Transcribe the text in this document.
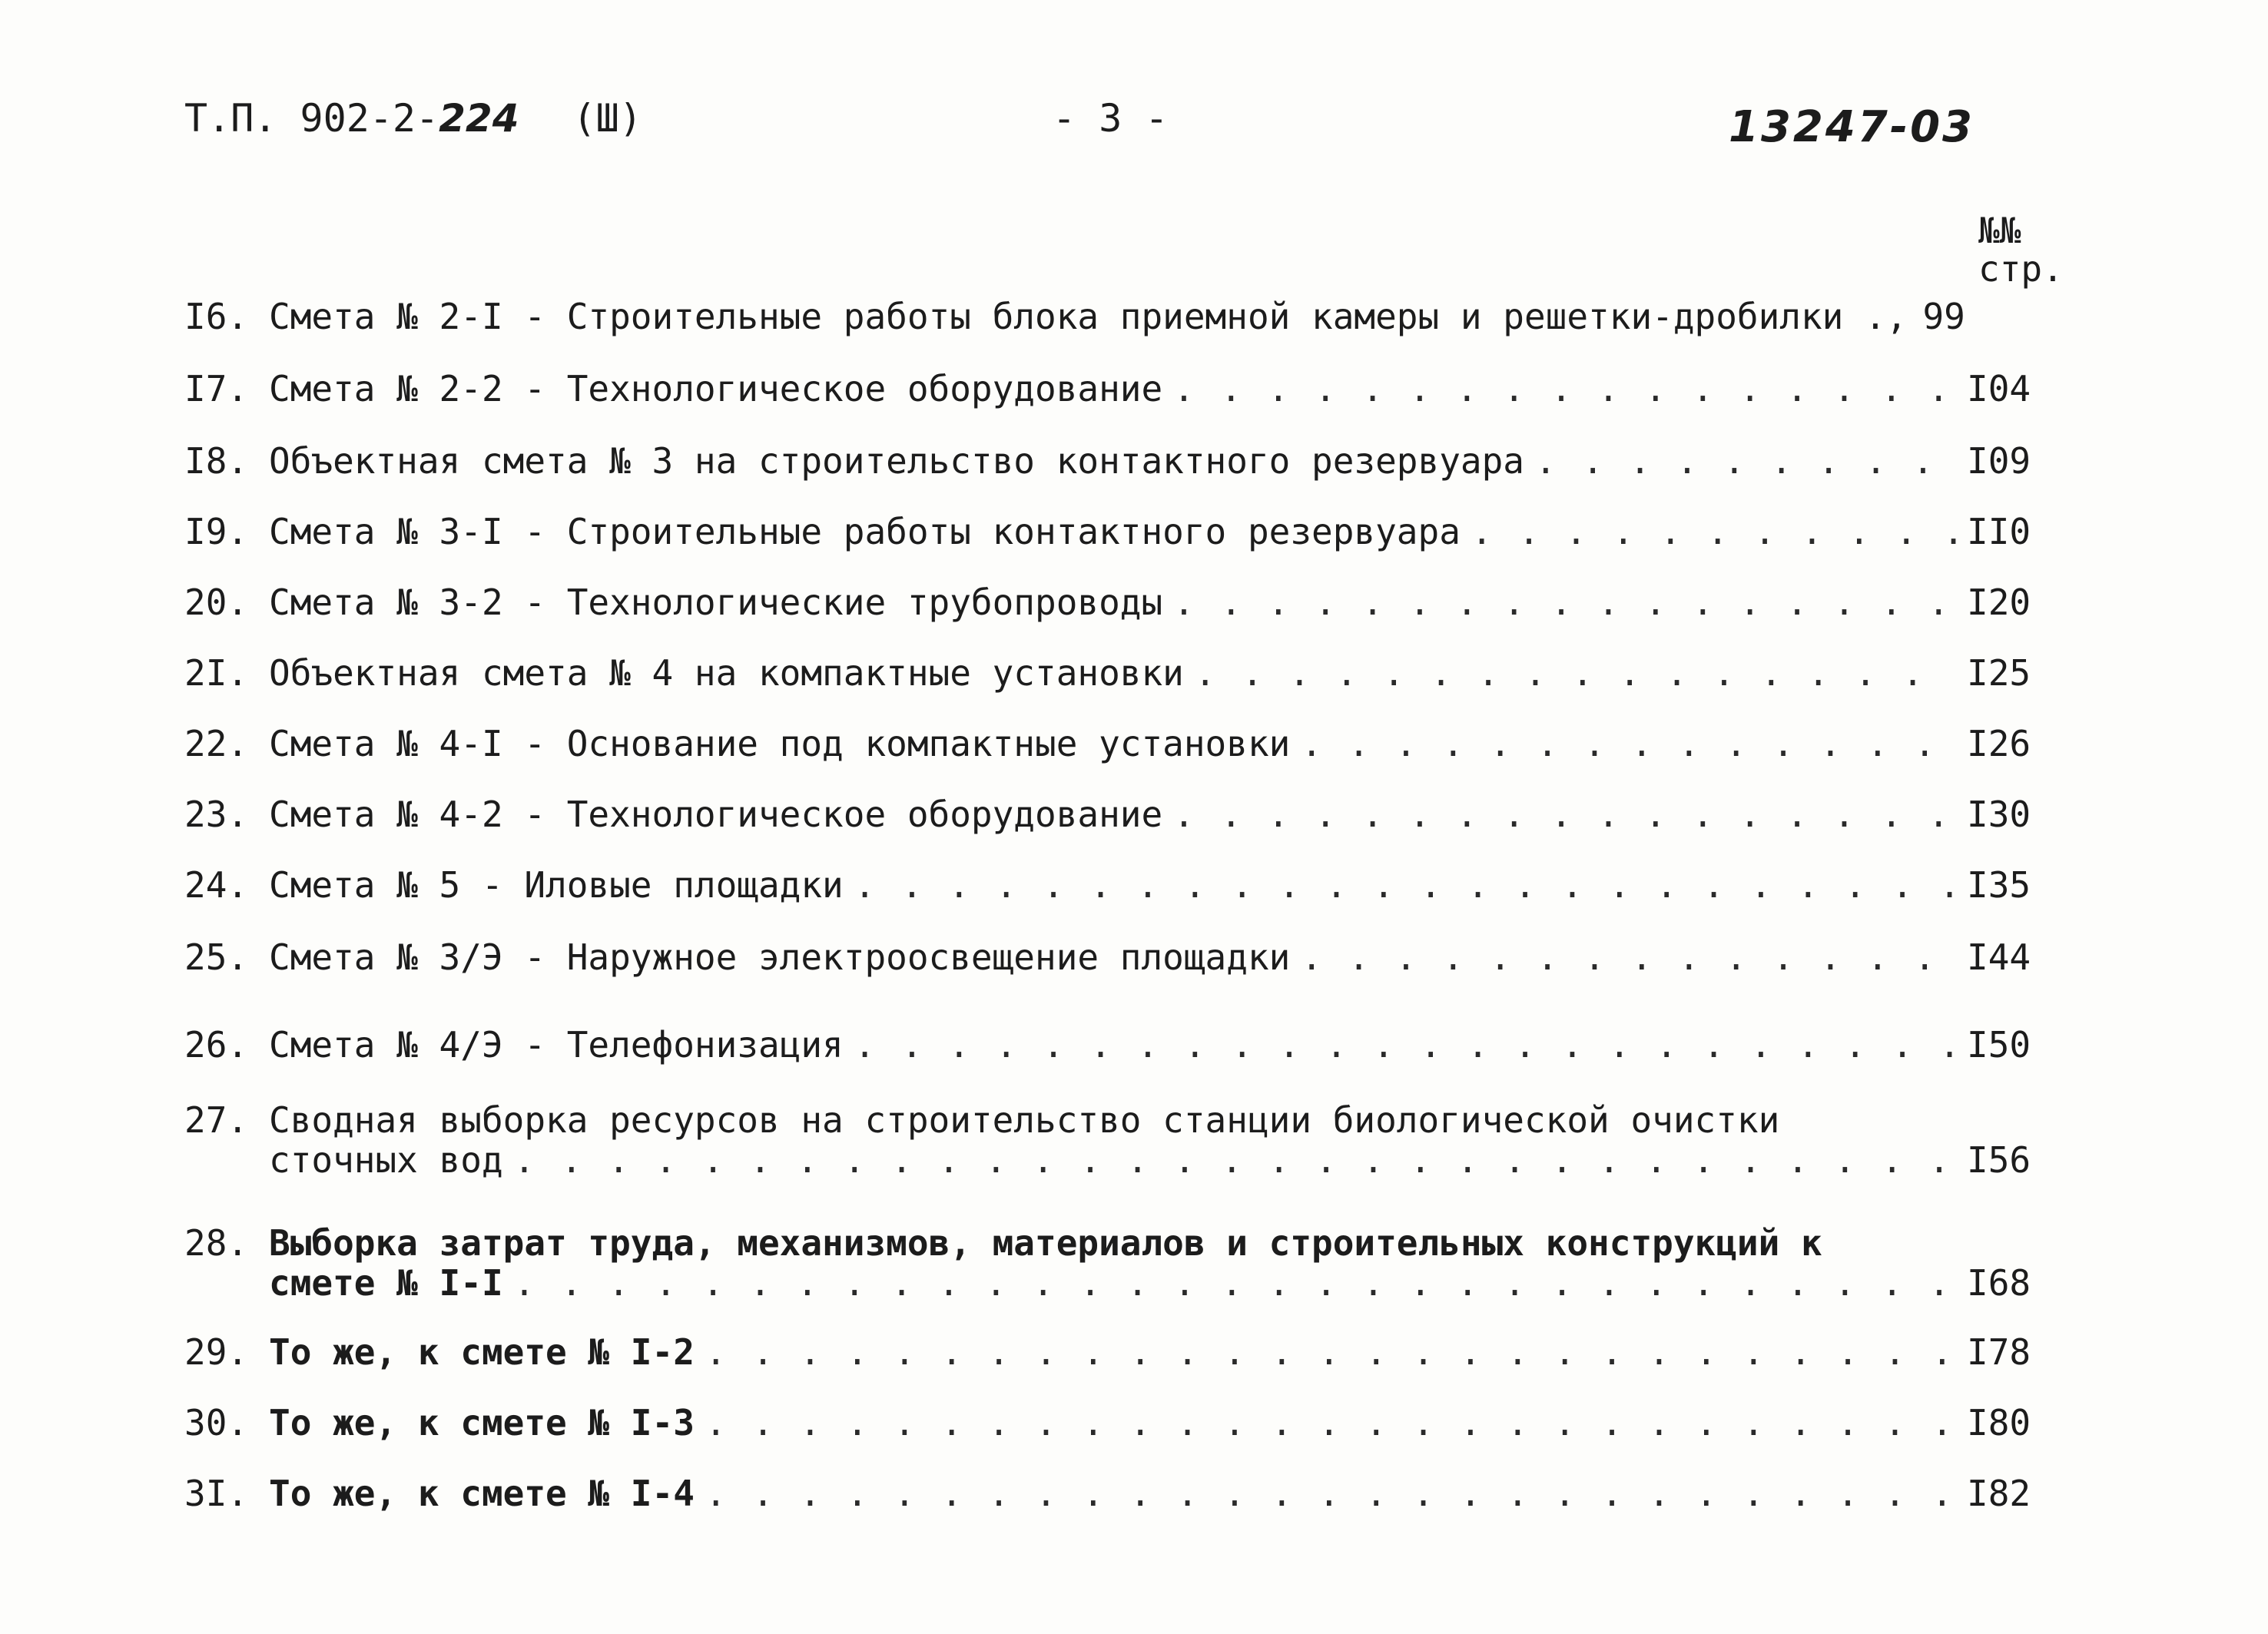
Т.П. 902-2-224 (Ш)	- 3 -	13247-03
№№
стр.
I6. Смета № 2-I - Строительные работы блока приемной камеры и решетки-дробилки ., 99
I7. Смета № 2-2 - Технологическое оборудование . . .	I04
I8. Объектная смета № 3 на строительство контактного резервуара . . .	I09
I9. Смета № 3-I - Строительные работы контактного резервуара . . .	II0
20. Смета № 3-2 - Технологические трубопроводы . . .	I20
2I. Объектная смета № 4 на компактные установки . . .	I25
22. Смета № 4-I - Основание под компактные установки . . .	I26
23. Смета № 4-2 - Технологическое оборудование . . .	I30
24. Смета № 5 - Иловые площадки . . .	I35
25. Смета № 3/Э - Наружное электроосвещение площадки . . .	I44
26. Смета № 4/Э - Телефонизация . . .	I50
27. Сводная выборка ресурсов на строительство станции биологической очистки
сточных вод . . .	I56
28. Выборка затрат труда, механизмов, материалов и строительных конструкций к
смете № I-I . . .	I68
29. То же, к смете № I-2 . . .	I78
30. То же, к смете № I-3 . . .	I80
3I. То же, к смете № I-4 . . .	I82
